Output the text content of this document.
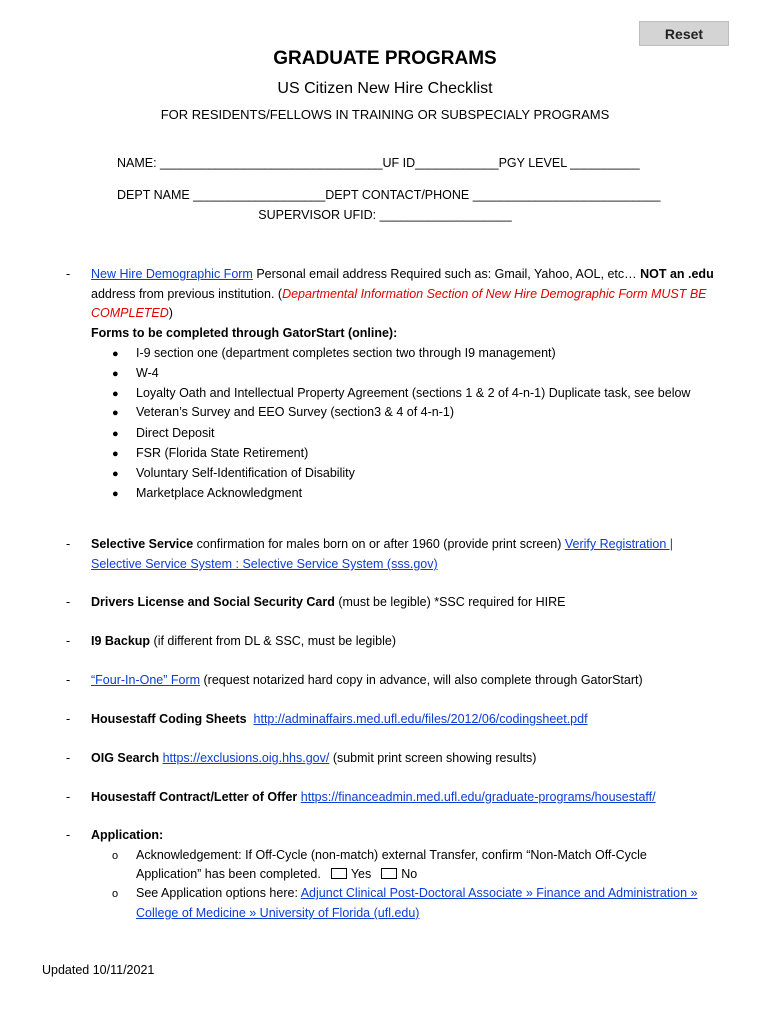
Reset
GRADUATE PROGRAMS
US Citizen New Hire Checklist
FOR RESIDENTS/FELLOWS IN TRAINING OR SUBSPECIALY PROGRAMS
NAME: ________________________________UF ID____________PGY LEVEL __________
DEPT NAME ___________________DEPT CONTACT/PHONE ___________________________
SUPERVISOR UFID: ___________________
- New Hire Demographic Form Personal email address Required such as: Gmail, Yahoo, AOL, etc… NOT an .edu
address from previous institution. (Departmental Information Section of New Hire Demographic Form MUST BE
COMPLETED)
Forms to be completed through GatorStart (online):
● I-9 section one (department completes section two through I9 management)
● W-4
● Loyalty Oath and Intellectual Property Agreement (sections 1 & 2 of 4-n-1) Duplicate task, see below
● Veteran’s Survey and EEO Survey (section3 & 4 of 4-n-1)
● Direct Deposit
● FSR (Florida State Retirement)
● Voluntary Self-Identification of Disability
● Marketplace Acknowledgment
- Selective Service confirmation for males born on or after 1960 (provide print screen) Verify Registration |
Selective Service System : Selective Service System (sss.gov)
- Drivers License and Social Security Card (must be legible) *SSC required for HIRE
- I9 Backup (if different from DL & SSC, must be legible)
- “Four-In-One” Form (request notarized hard copy in advance, will also complete through GatorStart)
- Housestaff Coding Sheets http://adminaffairs.med.ufl.edu/files/2012/06/codingsheet.pdf
- OIG Search https://exclusions.oig.hhs.gov/ (submit print screen showing results)
- Housestaff Contract/Letter of Offer https://financeadmin.med.ufl.edu/graduate-programs/housestaff/
- Application:
o Acknowledgement: If Off-Cycle (non-match) external Transfer, confirm “Non-Match Off-Cycle
Application” has been completed. Yes No
o See Application options here: Adjunct Clinical Post-Doctoral Associate » Finance and Administration »
College of Medicine » University of Florida (ufl.edu)
Updated 10/11/2021
